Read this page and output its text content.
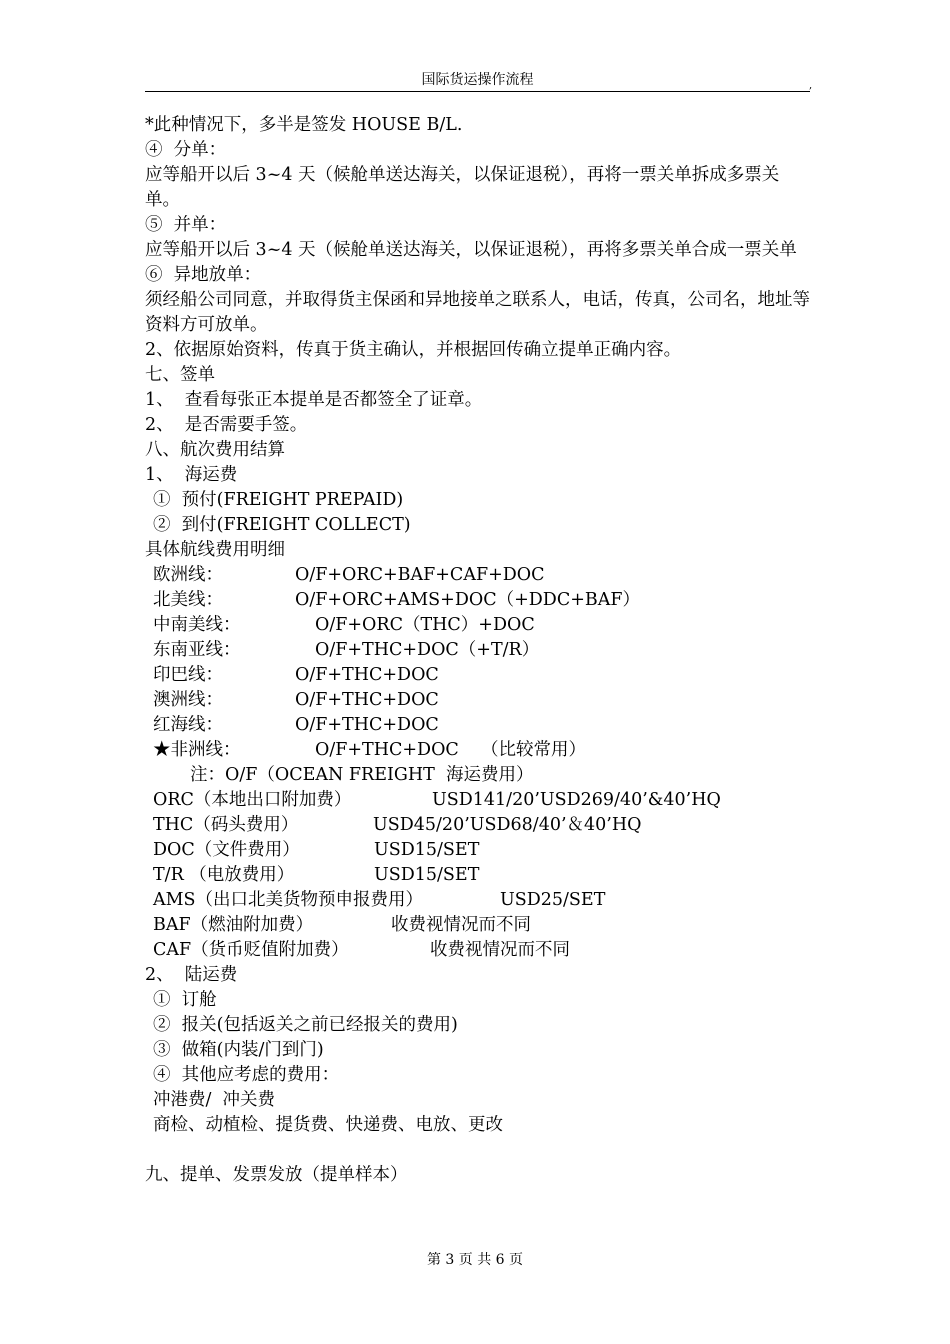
国际货运操作流程	,
*此种情况下，多半是签发 HOUSE B/L.
④  分单：
应等船开以后 3~4 天（候舱单送达海关，以保证退税），再将一票关单拆成多票关单。
⑤  并单：
应等船开以后 3~4 天（候舱单送达海关，以保证退税），再将多票关单合成一票关单
⑥  异地放单：
须经船公司同意，并取得货主保函和异地接单之联系人，电话，传真，公司名，地址等资料方可放单。
2、依据原始资料，传真于货主确认，并根据回传确立提单正确内容。
七、签单
1、  查看每张正本提单是否都签全了证章。
2、  是否需要手签。
八、航次费用结算
1、  海运费
①  预付(FREIGHT PREPAID)
②  到付(FREIGHT COLLECT)
具体航线费用明细
欧洲线：	O/F+ORC+BAF+CAF+DOC
北美线：	O/F+ORC+AMS+DOC（+DDC+BAF）
中南美线：	O/F+ORC（THC）+DOC
东南亚线：	O/F+THC+DOC（+T/R）
印巴线：	O/F+THC+DOC
澳洲线：	O/F+THC+DOC
红海线：	O/F+THC+DOC
★非洲线：	O/F+THC+DOC    （比较常用）
注：O/F（OCEAN FREIGHT  海运费用）
ORC（本地出口附加费）	USD141/20’USD269/40’&40’HQ
THC（码头费用）	USD45/20’USD68/40’＆40’HQ
DOC（文件费用）	USD15/SET
T/R （电放费用）	USD15/SET
AMS（出口北美货物预申报费用）	USD25/SET
BAF（燃油附加费）	收费视情况而不同
CAF（货币贬值附加费）	收费视情况而不同
2、  陆运费
①  订舱
②  报关(包括返关之前已经报关的费用)
③  做箱(内装/门到门)
④  其他应考虑的费用：
冲港费/  冲关费
商检、动植检、提货费、快递费、电放、更改
九、提单、发票发放（提单样本）
第 3 页 共 6 页
